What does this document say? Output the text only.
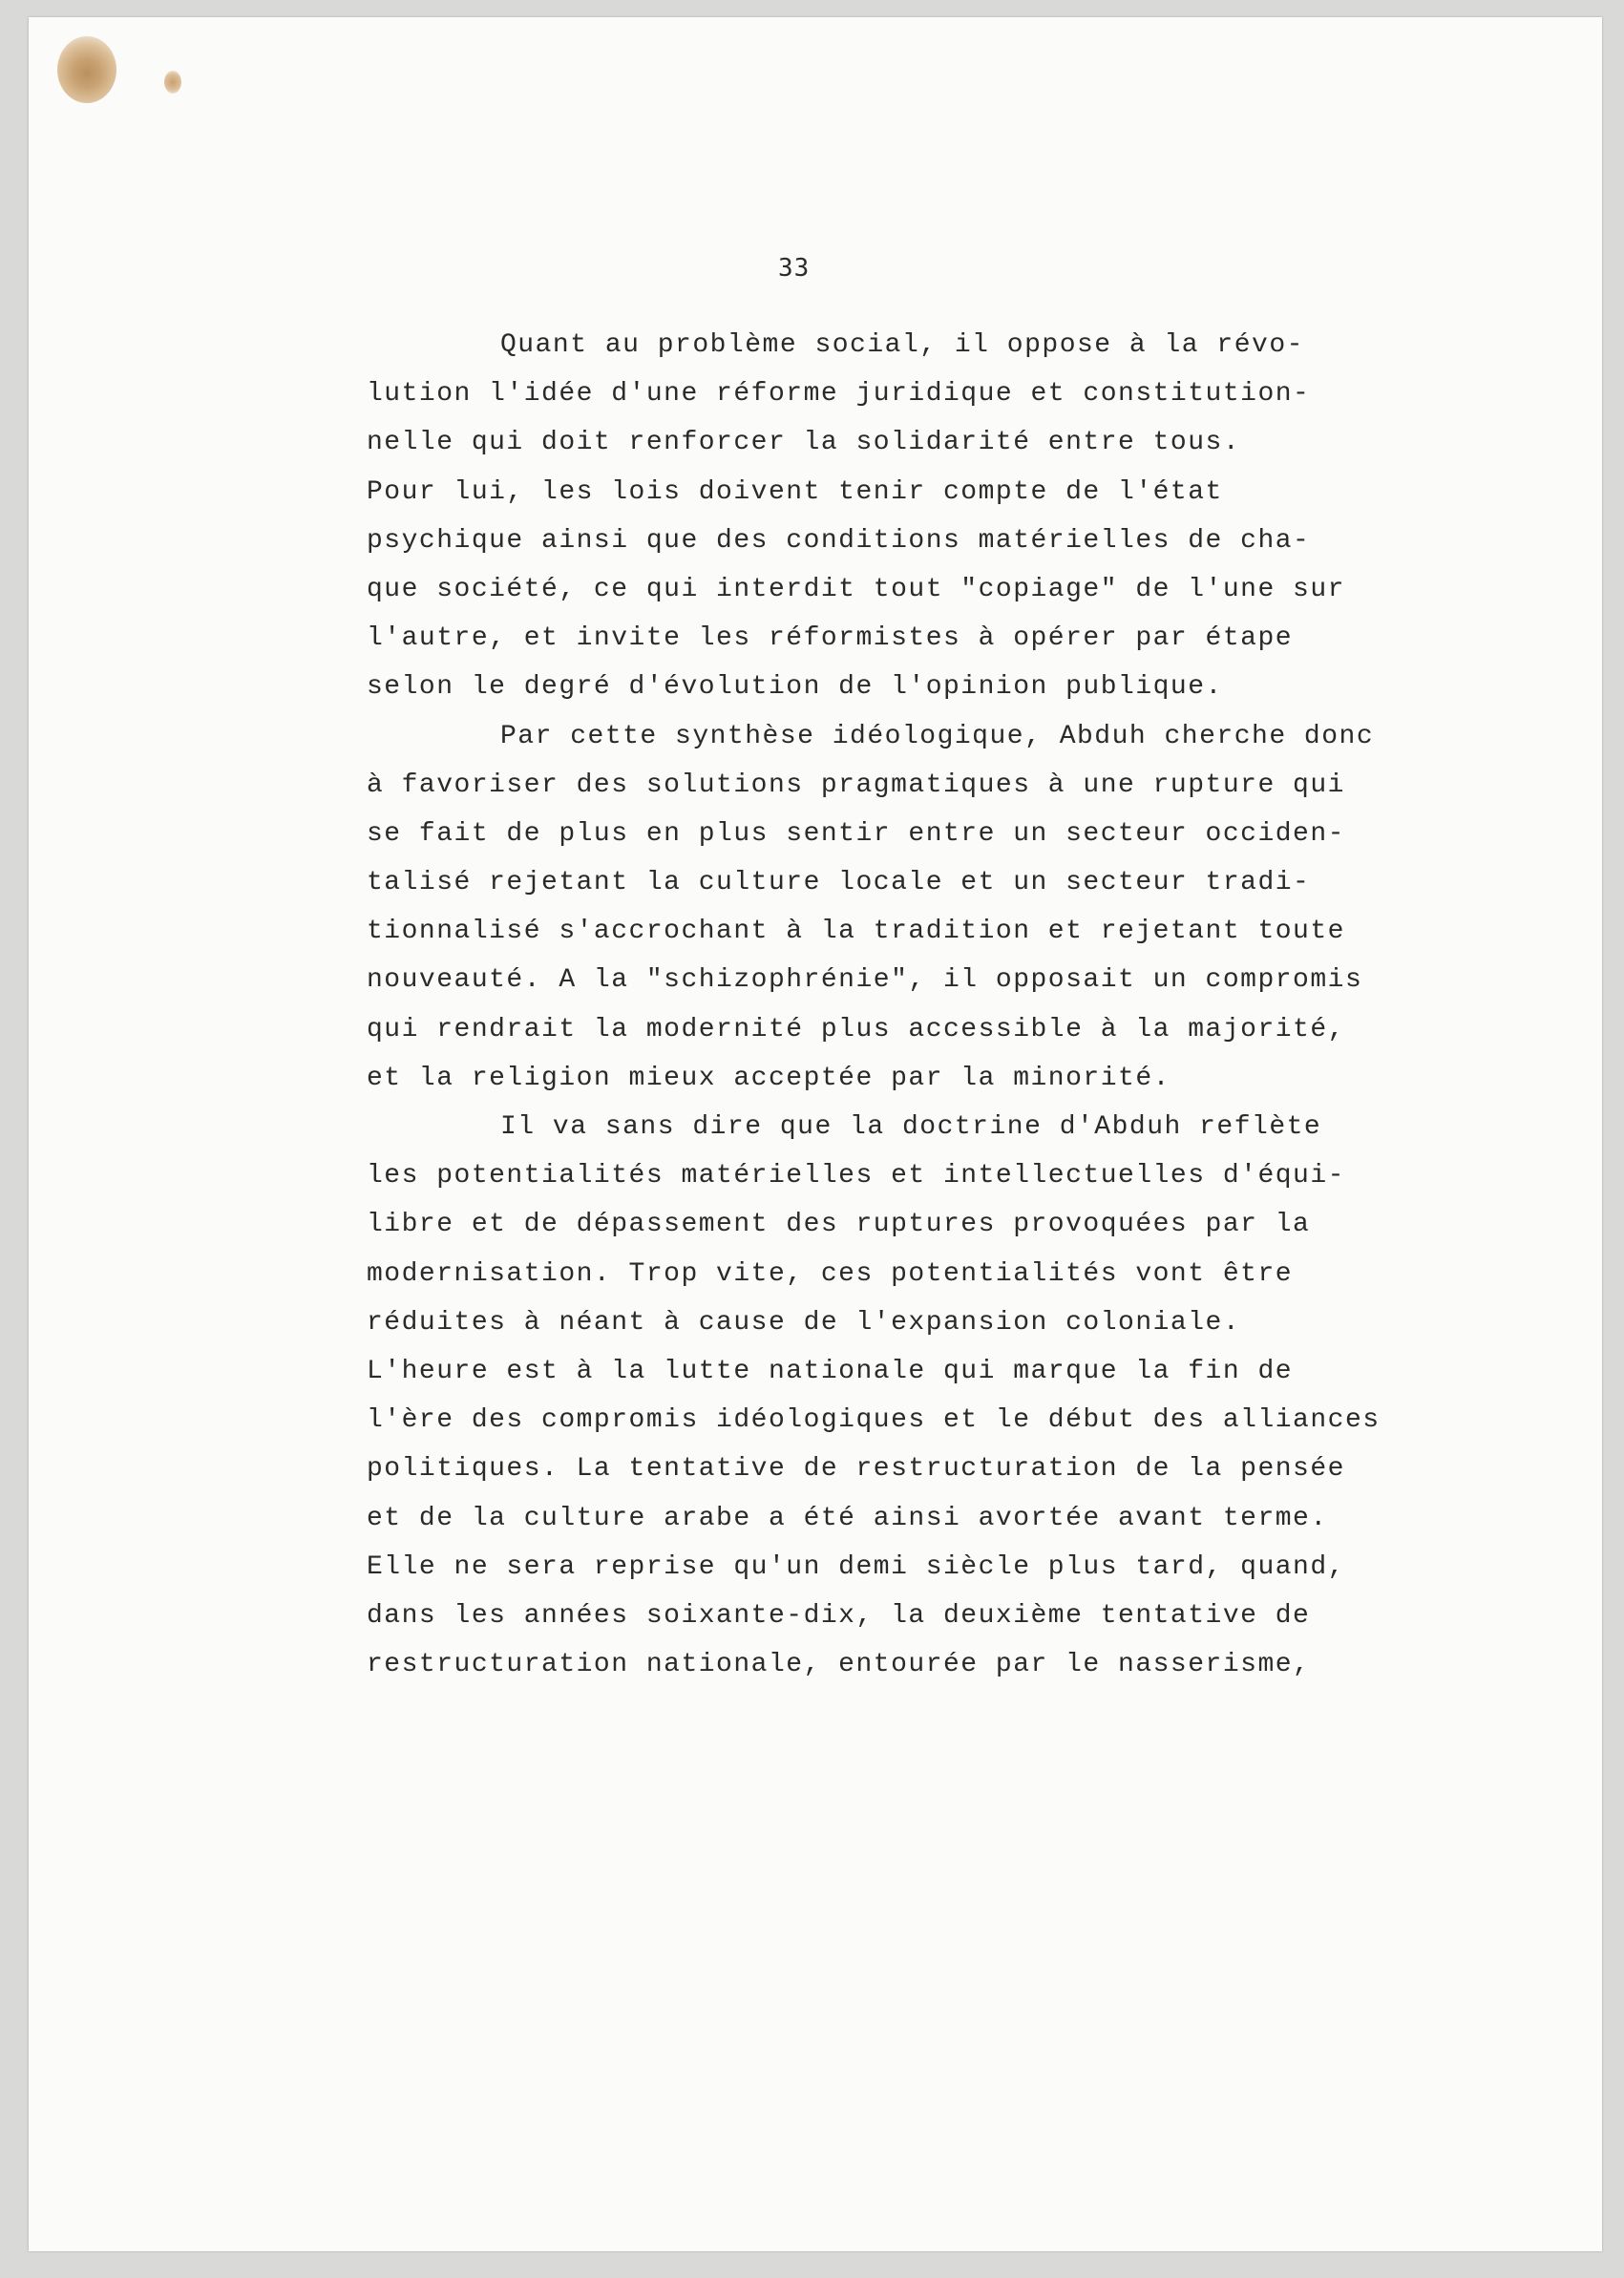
33
Quant au problème social, il oppose à la révo-
lution l'idée d'une réforme juridique et constitution-
nelle qui doit renforcer la solidarité entre tous.
Pour lui, les lois doivent tenir compte de l'état
psychique ainsi que des conditions matérielles de cha-
que société, ce qui interdit tout "copiage" de l'une sur
l'autre, et invite les réformistes à opérer par étape
selon le degré d'évolution de l'opinion publique.
Par cette synthèse idéologique, Abduh cherche donc
à favoriser des solutions pragmatiques à une rupture qui
se fait de plus en plus sentir entre un secteur occiden-
talisé rejetant la culture locale et un secteur tradi-
tionnalisé s'accrochant à la tradition et rejetant toute
nouveauté. A la "schizophrénie", il opposait un compromis
qui rendrait la modernité plus accessible à la majorité,
et la religion mieux acceptée par la minorité.
Il va sans dire que la doctrine d'Abduh reflète
les potentialités matérielles et intellectuelles d'équi-
libre et de dépassement des ruptures provoquées par la
modernisation. Trop vite, ces potentialités vont être
réduites à néant à cause de l'expansion coloniale.
L'heure est à la lutte nationale qui marque la fin de
l'ère des compromis idéologiques et le début des alliances
politiques. La tentative de restructuration de la pensée
et de la culture arabe a été ainsi avortée avant terme.
Elle ne sera reprise qu'un demi siècle plus tard, quand,
dans les années soixante-dix, la deuxième tentative de
restructuration nationale, entourée par le nasserisme,
